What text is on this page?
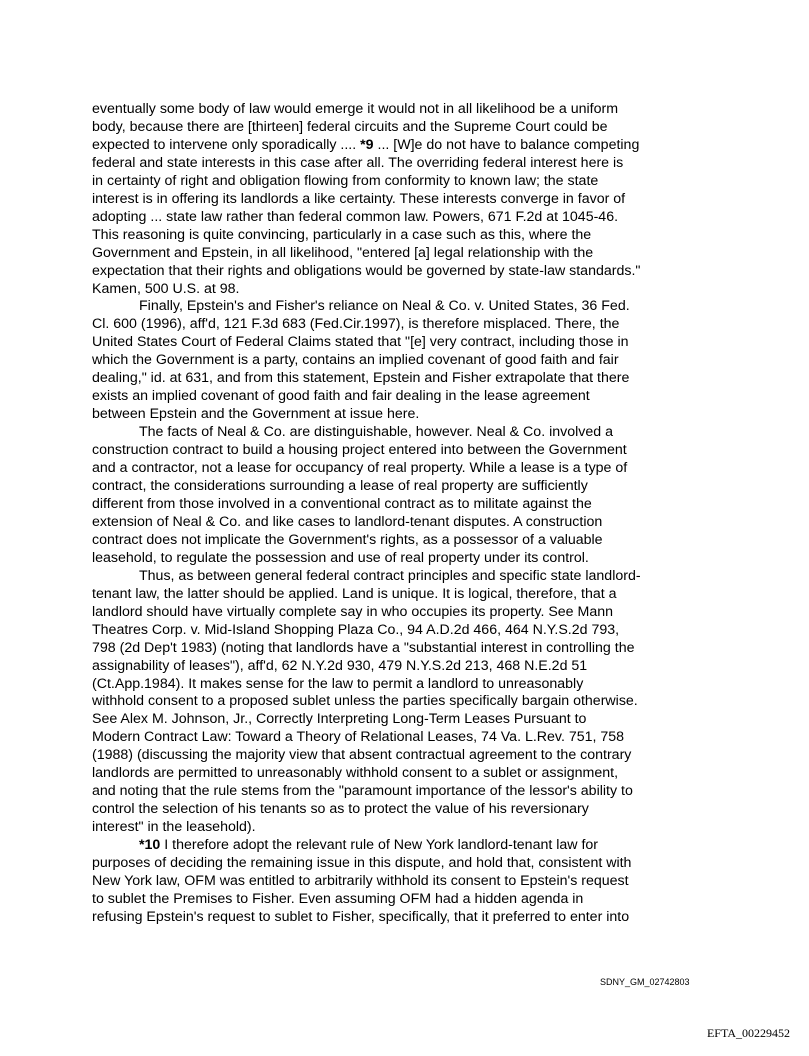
eventually some body of law would emerge it would not in all likelihood be a uniform
body, because there are [thirteen] federal circuits and the Supreme Court could be
expected to intervene only sporadically .... *9 ... [W]e do not have to balance competing
federal and state interests in this case after all. The overriding federal interest here is
in certainty of right and obligation flowing from conformity to known law; the state
interest is in offering its landlords a like certainty. These interests converge in favor of
adopting ... state law rather than federal common law. Powers, 671 F.2d at 1045-46.
This reasoning is quite convincing, particularly in a case such as this, where the
Government and Epstein, in all likelihood, "entered [a] legal relationship with the
expectation that their rights and obligations would be governed by state-law standards."
Kamen, 500 U.S. at 98.
Finally, Epstein's and Fisher's reliance on Neal & Co. v. United States, 36 Fed.
Cl. 600 (1996), aff'd, 121 F.3d 683 (Fed.Cir.1997), is therefore misplaced. There, the
United States Court of Federal Claims stated that "[e] very contract, including those in
which the Government is a party, contains an implied covenant of good faith and fair
dealing," id. at 631, and from this statement, Epstein and Fisher extrapolate that there
exists an implied covenant of good faith and fair dealing in the lease agreement
between Epstein and the Government at issue here.
The facts of Neal & Co. are distinguishable, however. Neal & Co. involved a
construction contract to build a housing project entered into between the Government
and a contractor, not a lease for occupancy of real property. While a lease is a type of
contract, the considerations surrounding a lease of real property are sufficiently
different from those involved in a conventional contract as to militate against the
extension of Neal & Co. and like cases to landlord-tenant disputes. A construction
contract does not implicate the Government's rights, as a possessor of a valuable
leasehold, to regulate the possession and use of real property under its control.
Thus, as between general federal contract principles and specific state landlord-
tenant law, the latter should be applied. Land is unique. It is logical, therefore, that a
landlord should have virtually complete say in who occupies its property. See Mann
Theatres Corp. v. Mid-Island Shopping Plaza Co., 94 A.D.2d 466, 464 N.Y.S.2d 793,
798 (2d Dep't 1983) (noting that landlords have a "substantial interest in controlling the
assignability of leases"), aff'd, 62 N.Y.2d 930, 479 N.Y.S.2d 213, 468 N.E.2d 51
(Ct.App.1984). It makes sense for the law to permit a landlord to unreasonably
withhold consent to a proposed sublet unless the parties specifically bargain otherwise.
See Alex M. Johnson, Jr., Correctly Interpreting Long-Term Leases Pursuant to
Modern Contract Law: Toward a Theory of Relational Leases, 74 Va. L.Rev. 751, 758
(1988) (discussing the majority view that absent contractual agreement to the contrary
landlords are permitted to unreasonably withhold consent to a sublet or assignment,
and noting that the rule stems from the "paramount importance of the lessor's ability to
control the selection of his tenants so as to protect the value of his reversionary
interest" in the leasehold).
*10 I therefore adopt the relevant rule of New York landlord-tenant law for
purposes of deciding the remaining issue in this dispute, and hold that, consistent with
New York law, OFM was entitled to arbitrarily withhold its consent to Epstein's request
to sublet the Premises to Fisher. Even assuming OFM had a hidden agenda in
refusing Epstein's request to sublet to Fisher, specifically, that it preferred to enter into
SDNY_GM_02742803
EFTA_00229452
